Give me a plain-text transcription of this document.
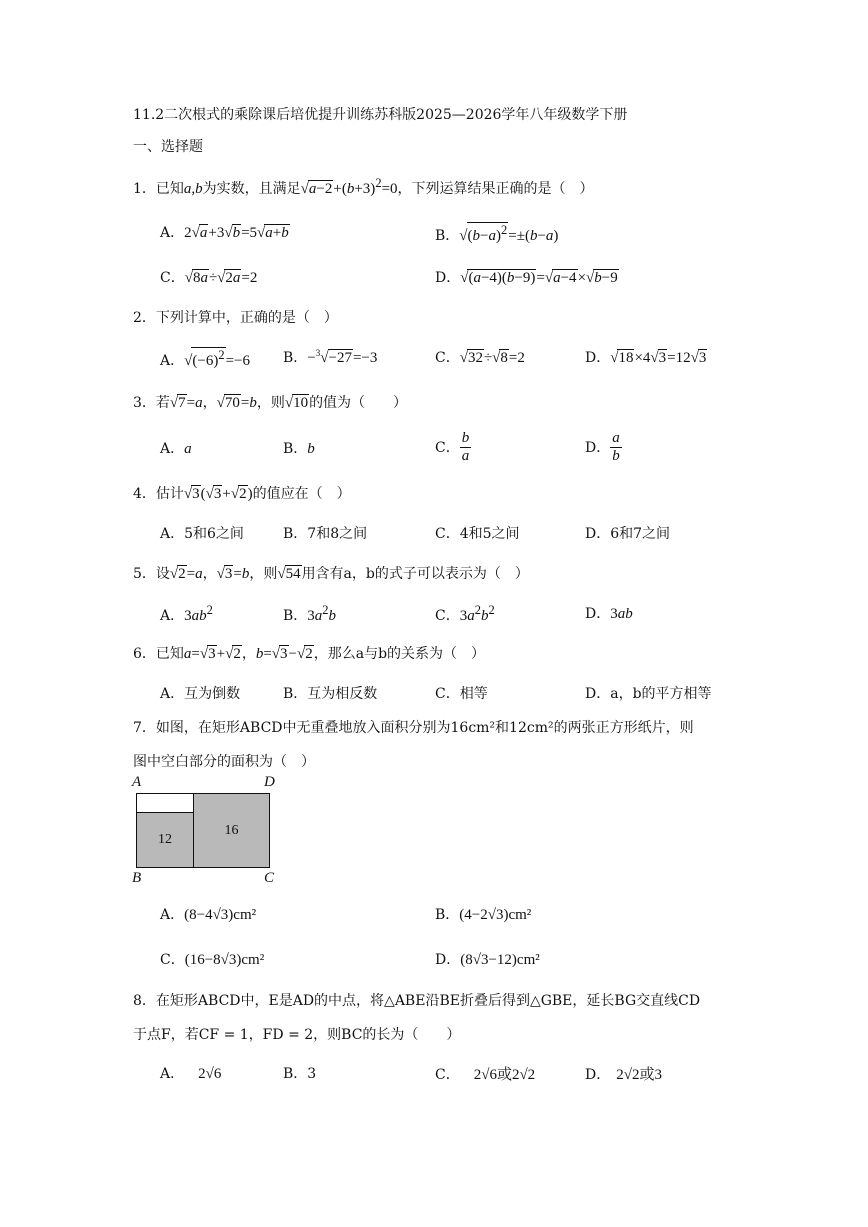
11.2二次根式的乘除课后培优提升训练苏科版2025—2026学年八年级数学下册
一、选择题
1．已知a,b为实数，且满足$√a-2+(b+3)^2=0$，下列运算结果正确的是（　）
A．2√a+3√b=5√a+b	B．$√(b-a)^2=\pm(b-a)$
C．√8a÷√2a=2	D．√(a−4)(b−9)=√a−4×√b−9
2．下列计算中，正确的是（　）
A．$√(-6)^2=-6$ B．−$^3$√−27=−3	C．√32÷√8=2	D．√18×4√3=12√3
3．若√7=a，√70=b，则√10的值为（　　）
A．a	B．b	C． $\frac{b}{a}$	D． $\frac{a}{b}$
4．估计√3(√3+√2)的值应在（　）
A．5和6之间	B．7和8之间	C．4和5之间	D．6和7之间
5．设√2=a，√3=b，则√54用含有a，b的式子可以表示为（　）
A．$3ab^2$	B．$3a^2b$	C．$3a^2b^2$	D．3ab
6．已知a=√3+√2，b=√3−√2，那么a与b的关系为（　）
A．互为倒数	B．互为相反数	C．相等	D．a，b的平方相等
7．如图，在矩形ABCD中无重叠地放入面积分别为16cm²和12cm²的两张正方形纸片，则
图中空白部分的面积为（　）
A	D
B	C
12
16
A．(8−4√3)cm²	B．(4−2√3)cm²
C．(16−8√3)cm²	D．(8√3−12)cm²
8．在矩形ABCD中，E是AD的中点，将△ABE沿BE折叠后得到△GBE，延长BG交直线CD
于点F，若CF = 1，FD = 2，则BC的长为（　　）
A． 2√6	B．3	C． 2√6或2√2	D． 2√2或3
